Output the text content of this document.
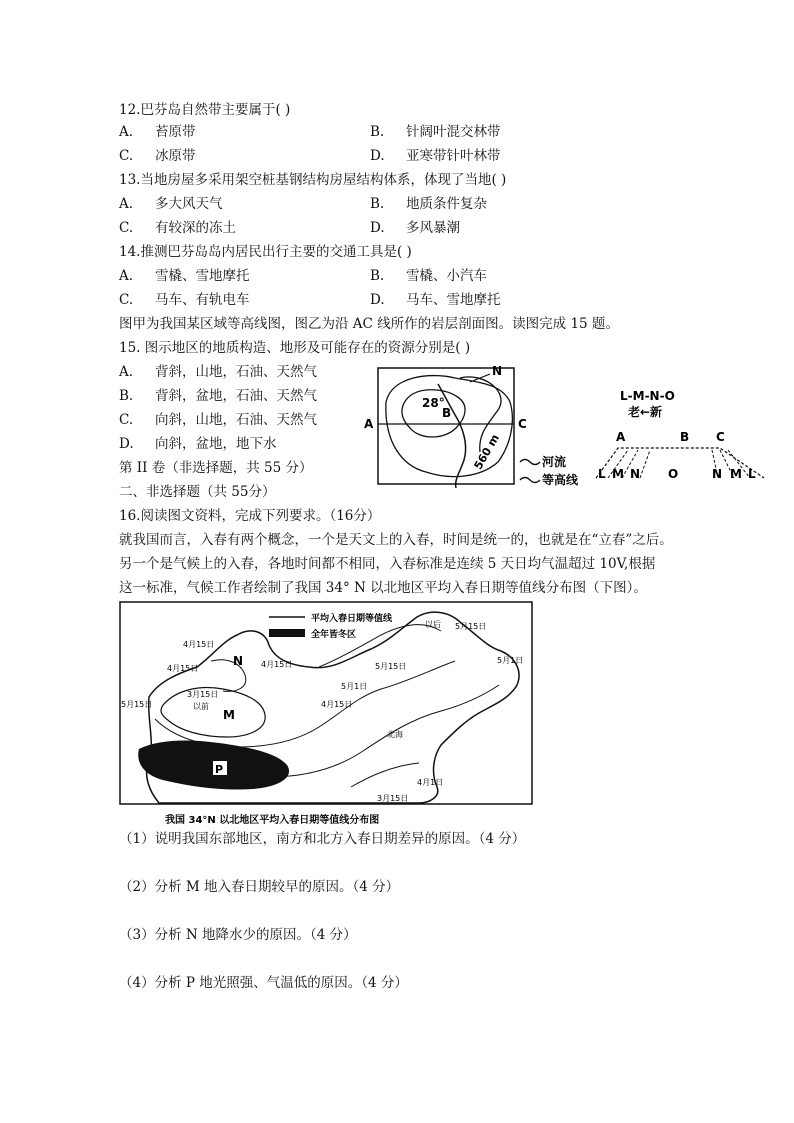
12.巴芬岛自然带主要属于( )
A. 苔原带	B. 针阔叶混交林带
C. 冰原带	D. 亚寒带针叶林带
13.当地房屋多采用架空桩基钢结构房屋结构体系，体现了当地( )
A. 多大风天气	B. 地质条件复杂
C. 有较深的冻土	D. 多风暴潮
14.推测巴芬岛岛内居民出行主要的交通工具是( )
A. 雪橇、雪地摩托	B. 雪橇、小汽车
C. 马车、有轨电车	D. 马车、雪地摩托
图甲为我国某区域等高线图，图乙为沿 AC 线所作的岩层剖面图。读图完成 15 题。
15. 图示地区的地质构造、地形及可能存在的资源分别是( )
A. 背斜，山地，石油、天然气
B. 背斜，盆地，石油、天然气
C. 向斜，山地，石油、天然气
D. 向斜，盆地，地下水
N
28°
B
A	C
560 m	河流
等高线
L-M-N-O
老←新
A	B C
L M N O	N M L
第 II 卷（非选择题，共 55 分）
二、非选择题（共 55分）
16.阅读图文资料，完成下列要求。（16分）
就我国而言，入春有两个概念，一个是天文上的入春，时间是统一的，也就是在“立春”之后。
另一个是气候上的入春，各地时间都不相同，入春标准是连续 5 天日均气温超过 10V,根据
这一标准，气候工作者绘制了我国 34° N 以北地区平均入春日期等值线分布图（下图）。
平均入春日期等值线
全年皆冬区
N
M
P
4月15日
4月15日	4月15日
4月15日
3月15日
以前
5月15日
5月1日
5月15日
以后 5月15日
5月1日
北海
4月1日
3月15日
我国 34°N 以北地区平均入春日期等值线分布图
（1）说明我国东部地区，南方和北方入春日期差异的原因。（4 分）
（2）分析 M 地入春日期较早的原因。（4 分）
（3）分析 N 地降水少的原因。（4 分）
（4）分析 P 地光照强、气温低的原因。（4 分）
